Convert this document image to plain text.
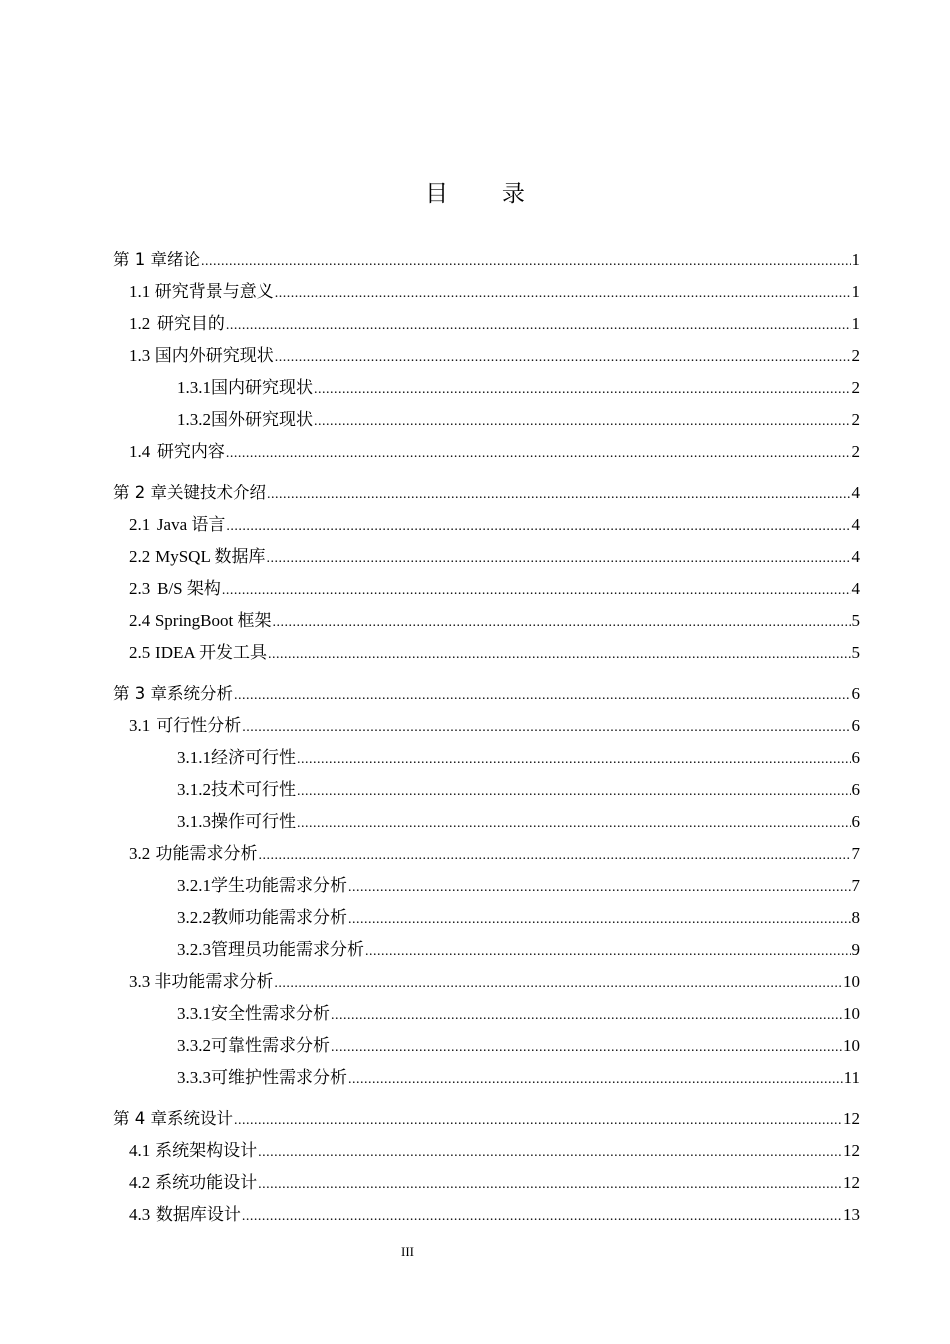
目 录
第 1 章 绪论 .....	1
1.1 研究背景与意义 .....	1
1.2 研究目的 .....	1
1.3 国内外研究现状 .....	2
1.3.1 国内研究现状 .....	2
1.3.2 国外研究现状 .....	2
1.4 研究内容 .....	2
第 2 章 关键技术介绍 .....	4
2.1 Java 语言 .....	4
2.2 MySQL 数据库 .....	4
2.3 B/S 架构 .....	4
2.4 SpringBoot 框架 .....	5
2.5 IDEA 开发工具 .....	5
第 3 章 系统分析 .....	6
3.1 可行性分析 .....	6
3.1.1 经济可行性 .....	6
3.1.2 技术可行性 .....	6
3.1.3 操作可行性 .....	6
3.2 功能需求分析 .....	7
3.2.1 学生功能需求分析 .....	7
3.2.2 教师功能需求分析 .....	8
3.2.3 管理员功能需求分析 .....	9
3.3 非功能需求分析 .....	10
3.3.1 安全性需求分析 .....	10
3.3.2 可靠性需求分析 .....	10
3.3.3 可维护性需求分析 .....	11
第 4 章 系统设计 .....	12
4.1 系统架构设计 .....	12
4.2 系统功能设计 .....	12
4.3 数据库设计 .....	13
III
